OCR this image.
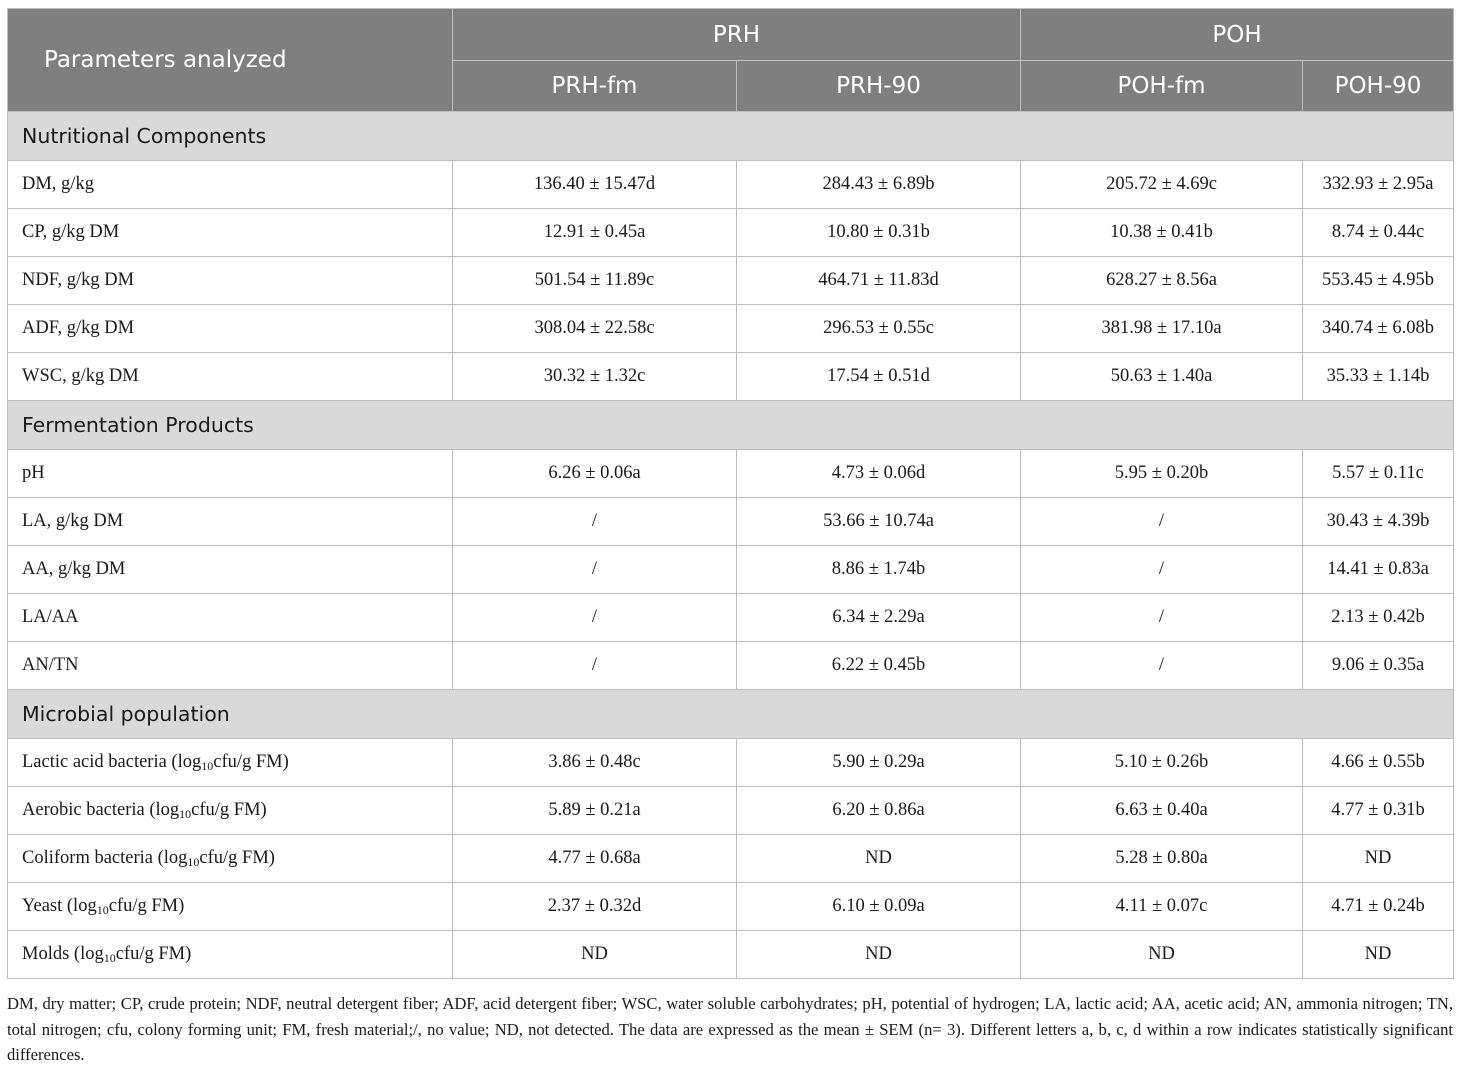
Parameters analyzed	PRH		POH	
	PRH-fm	PRH-90	POH-fm	POH-90
Nutritional Components				
DM, g/kg	136.40 ± 15.47d	284.43 ± 6.89b	205.72 ± 4.69c	332.93 ± 2.95a
CP, g/kg DM	12.91 ± 0.45a	10.80 ± 0.31b	10.38 ± 0.41b	8.74 ± 0.44c
NDF, g/kg DM	501.54 ± 11.89c	464.71 ± 11.83d	628.27 ± 8.56a	553.45 ± 4.95b
ADF, g/kg DM	308.04 ± 22.58c	296.53 ± 0.55c	381.98 ± 17.10a	340.74 ± 6.08b
WSC, g/kg DM	30.32 ± 1.32c	17.54 ± 0.51d	50.63 ± 1.40a	35.33 ± 1.14b
Fermentation Products				
pH	6.26 ± 0.06a	4.73 ± 0.06d	5.95 ± 0.20b	5.57 ± 0.11c
LA, g/kg DM	/	53.66 ± 10.74a	/	30.43 ± 4.39b
AA, g/kg DM	/	8.86 ± 1.74b	/	14.41 ± 0.83a
LA/AA	/	6.34 ± 2.29a	/	2.13 ± 0.42b
AN/TN	/	6.22 ± 0.45b	/	9.06 ± 0.35a
Microbial population				
Lactic acid bacteria ($\log_{10}cfu/g$ FM)	3.86 ± 0.48c	5.90 ± 0.29a	5.10 ± 0.26b	4.66 ± 0.55b
Aerobic bacteria ($\log_{10}cfu/g$ FM)	5.89 ± 0.21a	6.20 ± 0.86a	6.63 ± 0.40a	4.77 ± 0.31b
Coliform bacteria ($\log_{10}cfu/g$ FM)	4.77 ± 0.68a	ND	5.28 ± 0.80a	ND
Yeast ($\log_{10}cfu/g$ FM)	2.37 ± 0.32d	6.10 ± 0.09a	4.11 ± 0.07c	4.71 ± 0.24b
Molds ($\log_{10}cfu/g$ FM)	ND	ND	ND	ND

DM, dry matter; CP, crude protein; NDF, neutral detergent fiber; ADF, acid detergent fiber; WSC, water soluble carbohydrates; pH, potential of hydrogen; LA, lactic acid; AA, acetic acid; AN, ammonia nitrogen; TN, total nitrogen; cfu, colony forming unit; FM, fresh material;/, no value; ND, not detected. The data are expressed as the mean ± SEM (n= 3). Different letters a, b, c, d within a row indicates statistically significant differences.
